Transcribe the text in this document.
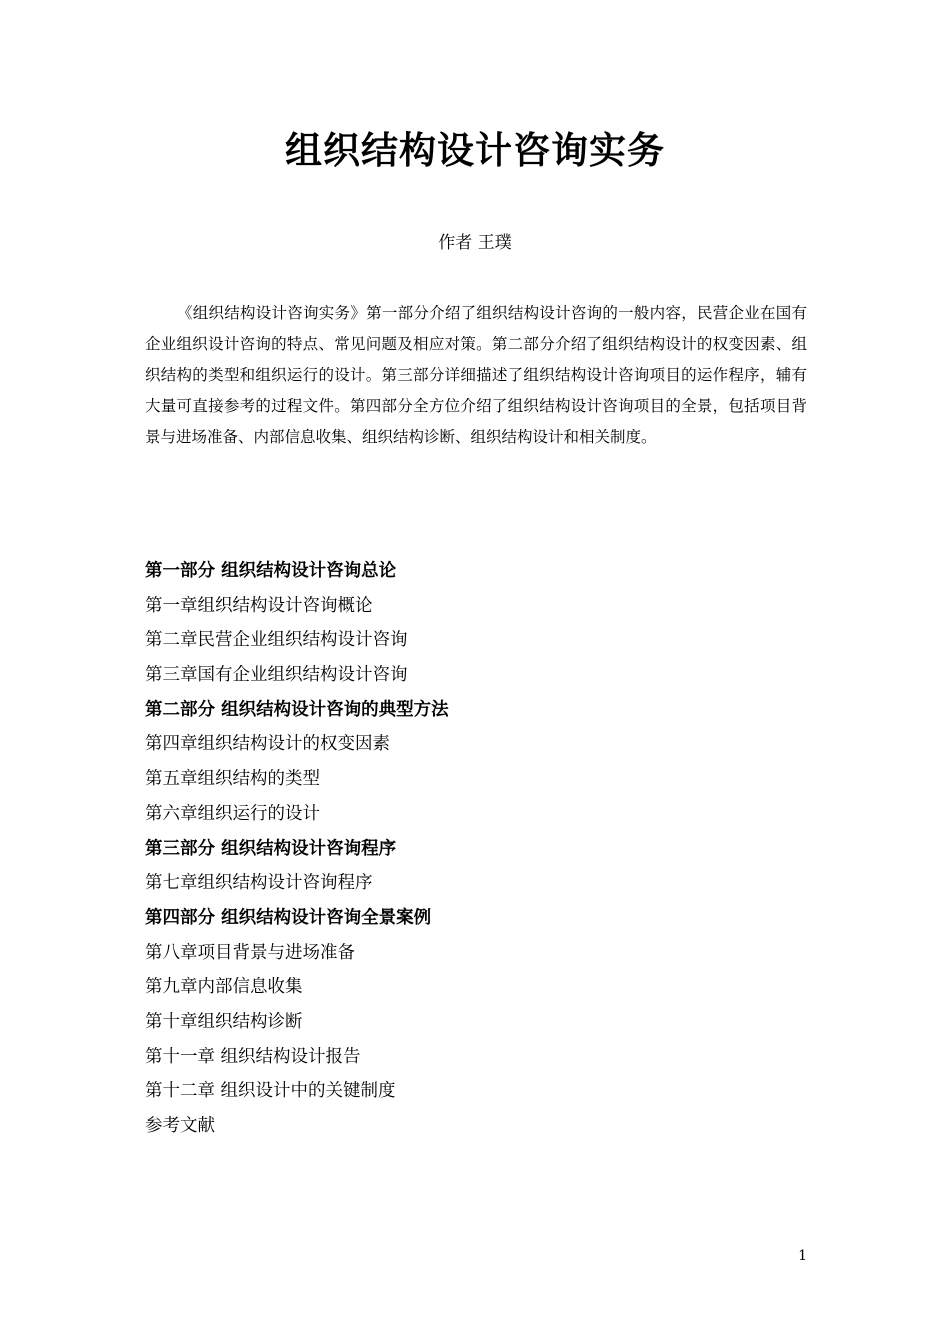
组织结构设计咨询实务
作者 王璞

《组织结构设计咨询实务》第一部分介绍了组织结构设计咨询的一般内容，民营企业在国有企业组织设计咨询的特点、常见问题及相应对策。第二部分介绍了组织结构设计的权变因素、组织结构的类型和组织运行的设计。第三部分详细描述了组织结构设计咨询项目的运作程序，辅有大量可直接参考的过程文件。第四部分全方位介绍了组织结构设计咨询项目的全景，包括项目背景与进场准备、内部信息收集、组织结构诊断、组织结构设计和相关制度。

第一部分 组织结构设计咨询总论
第一章组织结构设计咨询概论
第二章民营企业组织结构设计咨询
第三章国有企业组织结构设计咨询
第二部分 组织结构设计咨询的典型方法
第四章组织结构设计的权变因素
第五章组织结构的类型
第六章组织运行的设计
第三部分 组织结构设计咨询程序
第七章组织结构设计咨询程序
第四部分 组织结构设计咨询全景案例
第八章项目背景与进场准备
第九章内部信息收集
第十章组织结构诊断
第十一章 组织结构设计报告
第十二章 组织设计中的关键制度
参考文献
1
